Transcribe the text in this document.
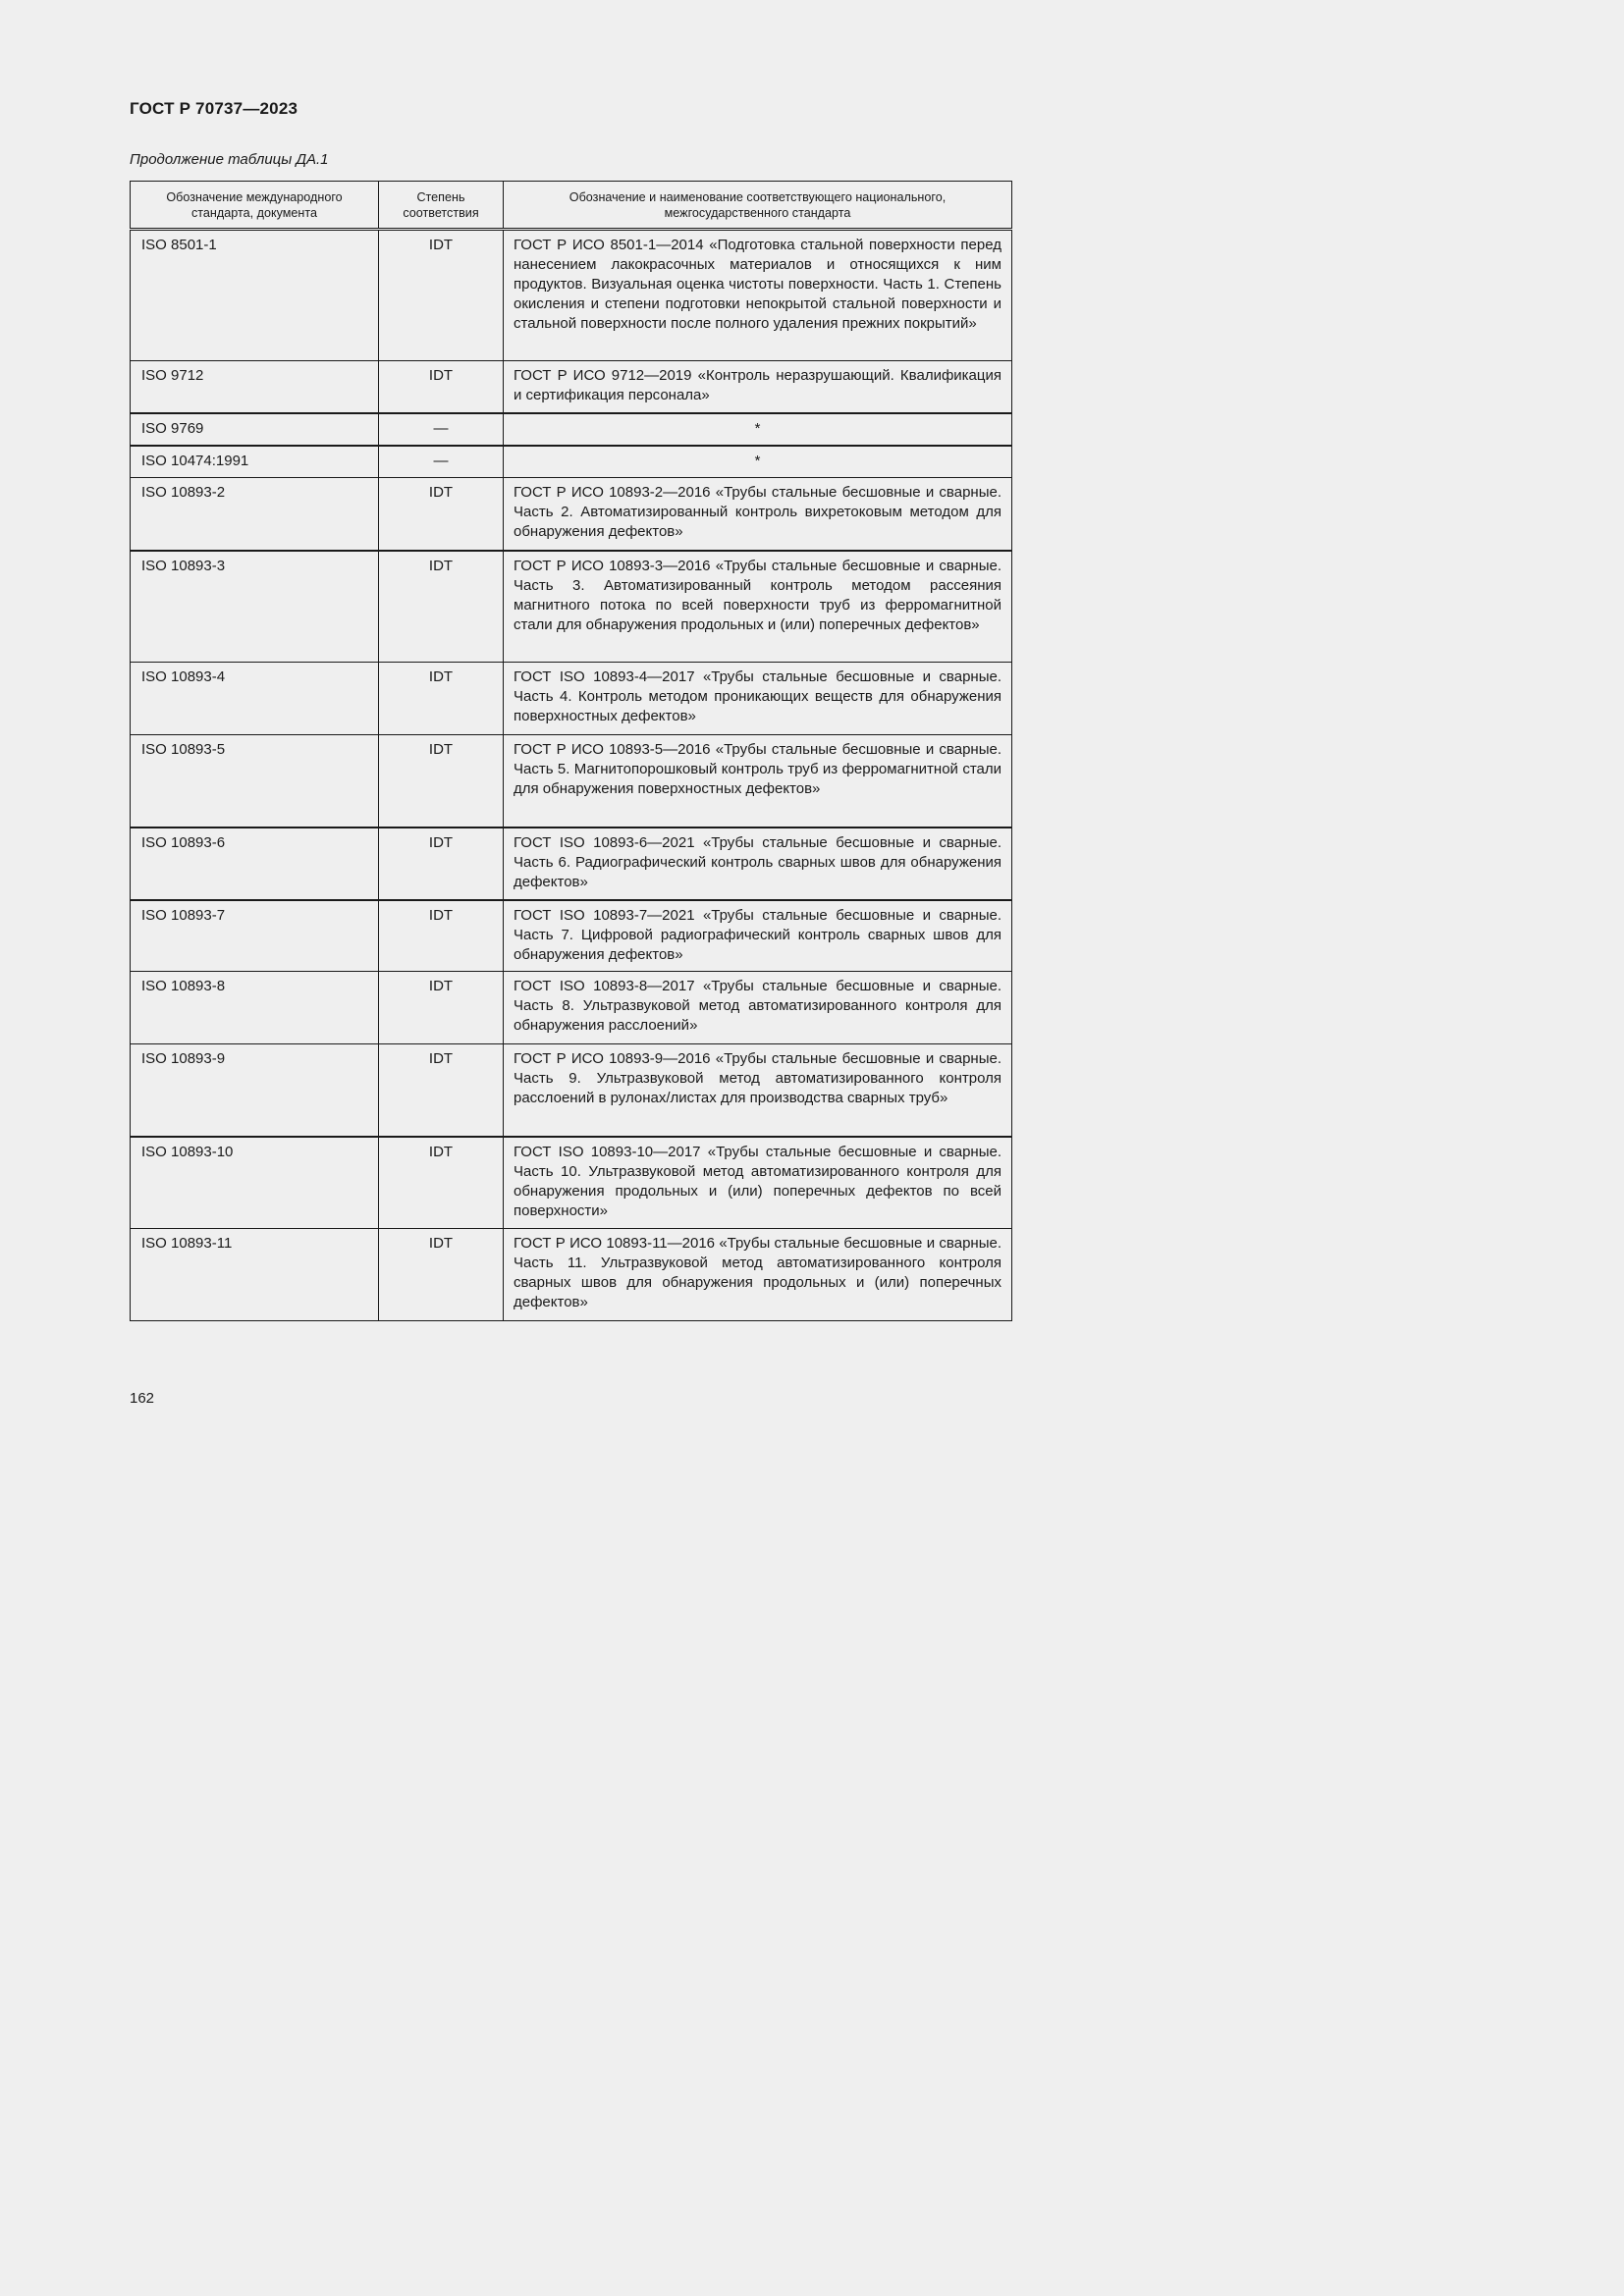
ГОСТ Р 70737—2023

Продолжение таблицы ДА.1

Обозначение международного стандарта, документа	Степень соответствия	Обозначение и наименование соответствующего национального, межгосударственного стандарта
ISO 8501-1	IDT	ГОСТ Р ИСО 8501-1—2014 «Подготовка стальной поверхности перед нанесением лакокрасочных материалов и относящихся к ним продуктов. Визуальная оценка чистоты поверхности. Часть 1. Степень окисления и степени подготовки непокрытой стальной поверхности и стальной поверхности после полного удаления прежних покрытий»
ISO 9712	IDT	ГОСТ Р ИСО 9712—2019 «Контроль неразрушающий. Квалификация и сертификация персонала»
ISO 9769	—	*
ISO 10474:1991	—	*
ISO 10893-2	IDT	ГОСТ Р ИСО 10893-2—2016 «Трубы стальные бесшовные и сварные. Часть 2. Автоматизированный контроль вихретоковым методом для обнаружения дефектов»
ISO 10893-3	IDT	ГОСТ Р ИСО 10893-3—2016 «Трубы стальные бесшовные и сварные. Часть 3. Автоматизированный контроль методом рассеяния магнитного потока по всей поверхности труб из ферромагнитной стали для обнаружения продольных и (или) поперечных дефектов»
ISO 10893-4	IDT	ГОСТ ISO 10893-4—2017 «Трубы стальные бесшовные и сварные. Часть 4. Контроль методом проникающих веществ для обнаружения поверхностных дефектов»
ISO 10893-5	IDT	ГОСТ Р ИСО 10893-5—2016 «Трубы стальные бесшовные и сварные. Часть 5. Магнитопорошковый контроль труб из ферромагнитной стали для обнаружения поверхностных дефектов»
ISO 10893-6	IDT	ГОСТ ISO 10893-6—2021 «Трубы стальные бесшовные и сварные. Часть 6. Радиографический контроль сварных швов для обнаружения дефектов»
ISO 10893-7	IDT	ГОСТ ISO 10893-7—2021 «Трубы стальные бесшовные и сварные. Часть 7. Цифровой радиографический контроль сварных швов для обнаружения дефектов»
ISO 10893-8	IDT	ГОСТ ISO 10893-8—2017 «Трубы стальные бесшовные и сварные. Часть 8. Ультразвуковой метод автоматизированного контроля для обнаружения расслоений»
ISO 10893-9	IDT	ГОСТ Р ИСО 10893-9—2016 «Трубы стальные бесшовные и сварные. Часть 9. Ультразвуковой метод автоматизированного контроля расслоений в рулонах/листах для производства сварных труб»
ISO 10893-10	IDT	ГОСТ ISO 10893-10—2017 «Трубы стальные бесшовные и сварные. Часть 10. Ультразвуковой метод автоматизированного контроля для обнаружения продольных и (или) поперечных дефектов по всей поверхности»
ISO 10893-11	IDT	ГОСТ Р ИСО 10893-11—2016 «Трубы стальные бесшовные и сварные. Часть 11. Ультразвуковой метод автоматизированного контроля сварных швов для обнаружения продольных и (или) поперечных дефектов»

162
